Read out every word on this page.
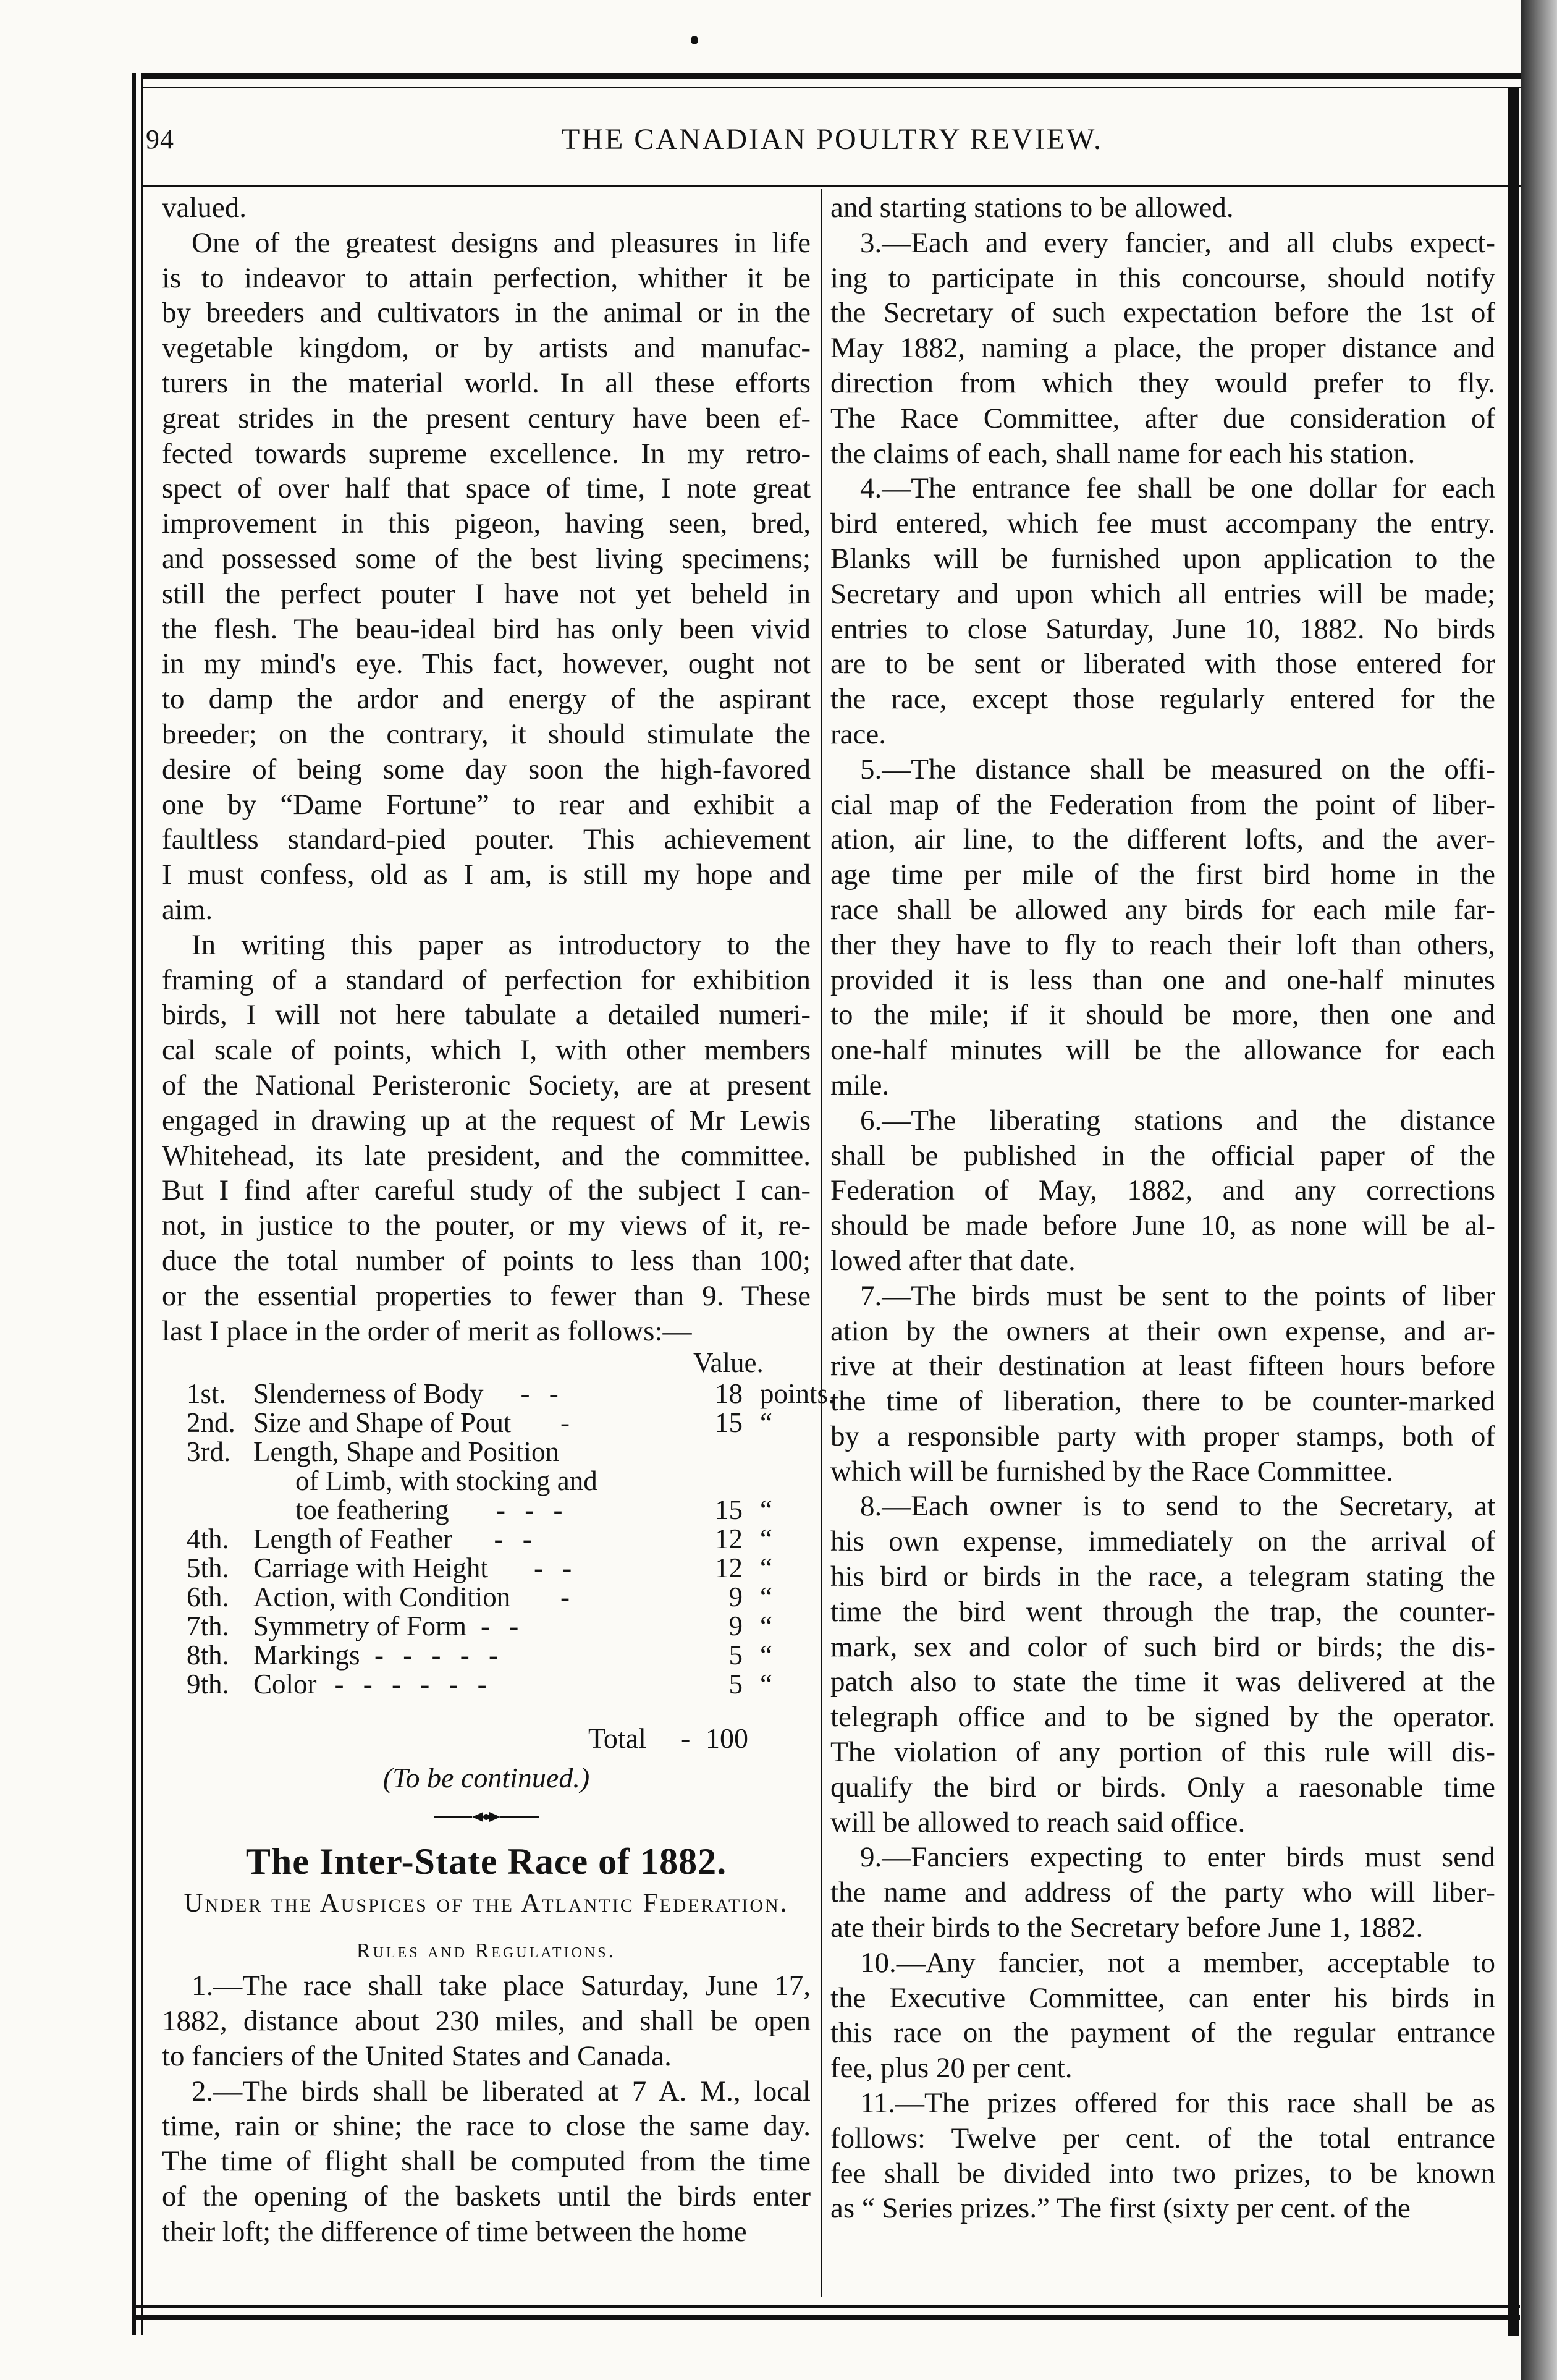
94	THE CANADIAN POULTRY REVIEW.
valued.
One of the greatest designs and pleasures in life
is to indeavor to attain perfection, whither it be
by breeders and cultivators in the animal or in the
vegetable kingdom, or by artists and manufac-
turers in the material world. In all these efforts
great strides in the present century have been ef-
fected towards supreme excellence. In my retro-
spect of over half that space of time, I note great
improvement in this pigeon, having seen, bred,
and possessed some of the best living specimens;
still the perfect pouter I have not yet beheld in
the flesh. The beau-ideal bird has only been vivid
in my mind's eye. This fact, however, ought not
to damp the ardor and energy of the aspirant
breeder; on the contrary, it should stimulate the
desire of being some day soon the high-favored
one by “Dame Fortune” to rear and exhibit a
faultless standard-pied pouter. This achievement
I must confess, old as I am, is still my hope and
aim.
In writing this paper as introductory to the
framing of a standard of perfection for exhibition
birds, I will not here tabulate a detailed numeri-
cal scale of points, which I, with other members
of the National Peristeronic Society, are at present
engaged in drawing up at the request of Mr Lewis
Whitehead, its late president, and the committee.
But I find after careful study of the subject I can-
not, in justice to the pouter, or my views of it, re-
duce the total number of points to less than 100;
or the essential properties to fewer than 9. These
last I place in the order of merit as follows:—
Value.
1st. Slenderness of Body - -	18 points.
2nd. Size and Shape of Pout -	15 “
3rd. Length, Shape and Position
of Limb, with stocking and
toe feathering - - -	15 “
4th. Length of Feather - -	12 “
5th. Carriage with Height - -	12 “
6th. Action, with Condition -	9 “
7th. Symmetry of Form - -	9 “
8th. Markings - - - - -	5 “
9th. Color - - - - - -	5 “
Total - 100
(To be continued.)
The Inter-State Race of 1882.
Under the Auspices of the Atlantic Federation.
Rules and Regulations.
1.—The race shall take place Saturday, June 17,
1882, distance about 230 miles, and shall be open
to fanciers of the United States and Canada.
2.—The birds shall be liberated at 7 A. M., local
time, rain or shine; the race to close the same day.
The time of flight shall be computed from the time
of the opening of the baskets until the birds enter
their loft; the difference of time between the home
and starting stations to be allowed.
3.—Each and every fancier, and all clubs expect-
ing to participate in this concourse, should notify
the Secretary of such expectation before the 1st of
May 1882, naming a place, the proper distance and
direction from which they would prefer to fly.
The Race Committee, after due consideration of
the claims of each, shall name for each his station.
4.—The entrance fee shall be one dollar for each
bird entered, which fee must accompany the entry.
Blanks will be furnished upon application to the
Secretary and upon which all entries will be made;
entries to close Saturday, June 10, 1882. No birds
are to be sent or liberated with those entered for
the race, except those regularly entered for the
race.
5.—The distance shall be measured on the offi-
cial map of the Federation from the point of liber-
ation, air line, to the different lofts, and the aver-
age time per mile of the first bird home in the
race shall be allowed any birds for each mile far-
ther they have to fly to reach their loft than others,
provided it is less than one and one-half minutes
to the mile; if it should be more, then one and
one-half minutes will be the allowance for each
mile.
6.—The liberating stations and the distance
shall be published in the official paper of the
Federation of May, 1882, and any corrections
should be made before June 10, as none will be al-
lowed after that date.
7.—The birds must be sent to the points of liber
ation by the owners at their own expense, and ar-
rive at their destination at least fifteen hours before
the time of liberation, there to be counter-marked
by a responsible party with proper stamps, both of
which will be furnished by the Race Committee.
8.—Each owner is to send to the Secretary, at
his own expense, immediately on the arrival of
his bird or birds in the race, a telegram stating the
time the bird went through the trap, the counter-
mark, sex and color of such bird or birds; the dis-
patch also to state the time it was delivered at the
telegraph office and to be signed by the operator.
The violation of any portion of this rule will dis-
qualify the bird or birds. Only a raesonable time
will be allowed to reach said office.
9.—Fanciers expecting to enter birds must send
the name and address of the party who will liber-
ate their birds to the Secretary before June 1, 1882.
10.—Any fancier, not a member, acceptable to
the Executive Committee, can enter his birds in
this race on the payment of the regular entrance
fee, plus 20 per cent.
11.—The prizes offered for this race shall be as
follows: Twelve per cent. of the total entrance
fee shall be divided into two prizes, to be known
as “ Series prizes.” The first (sixty per cent. of the
